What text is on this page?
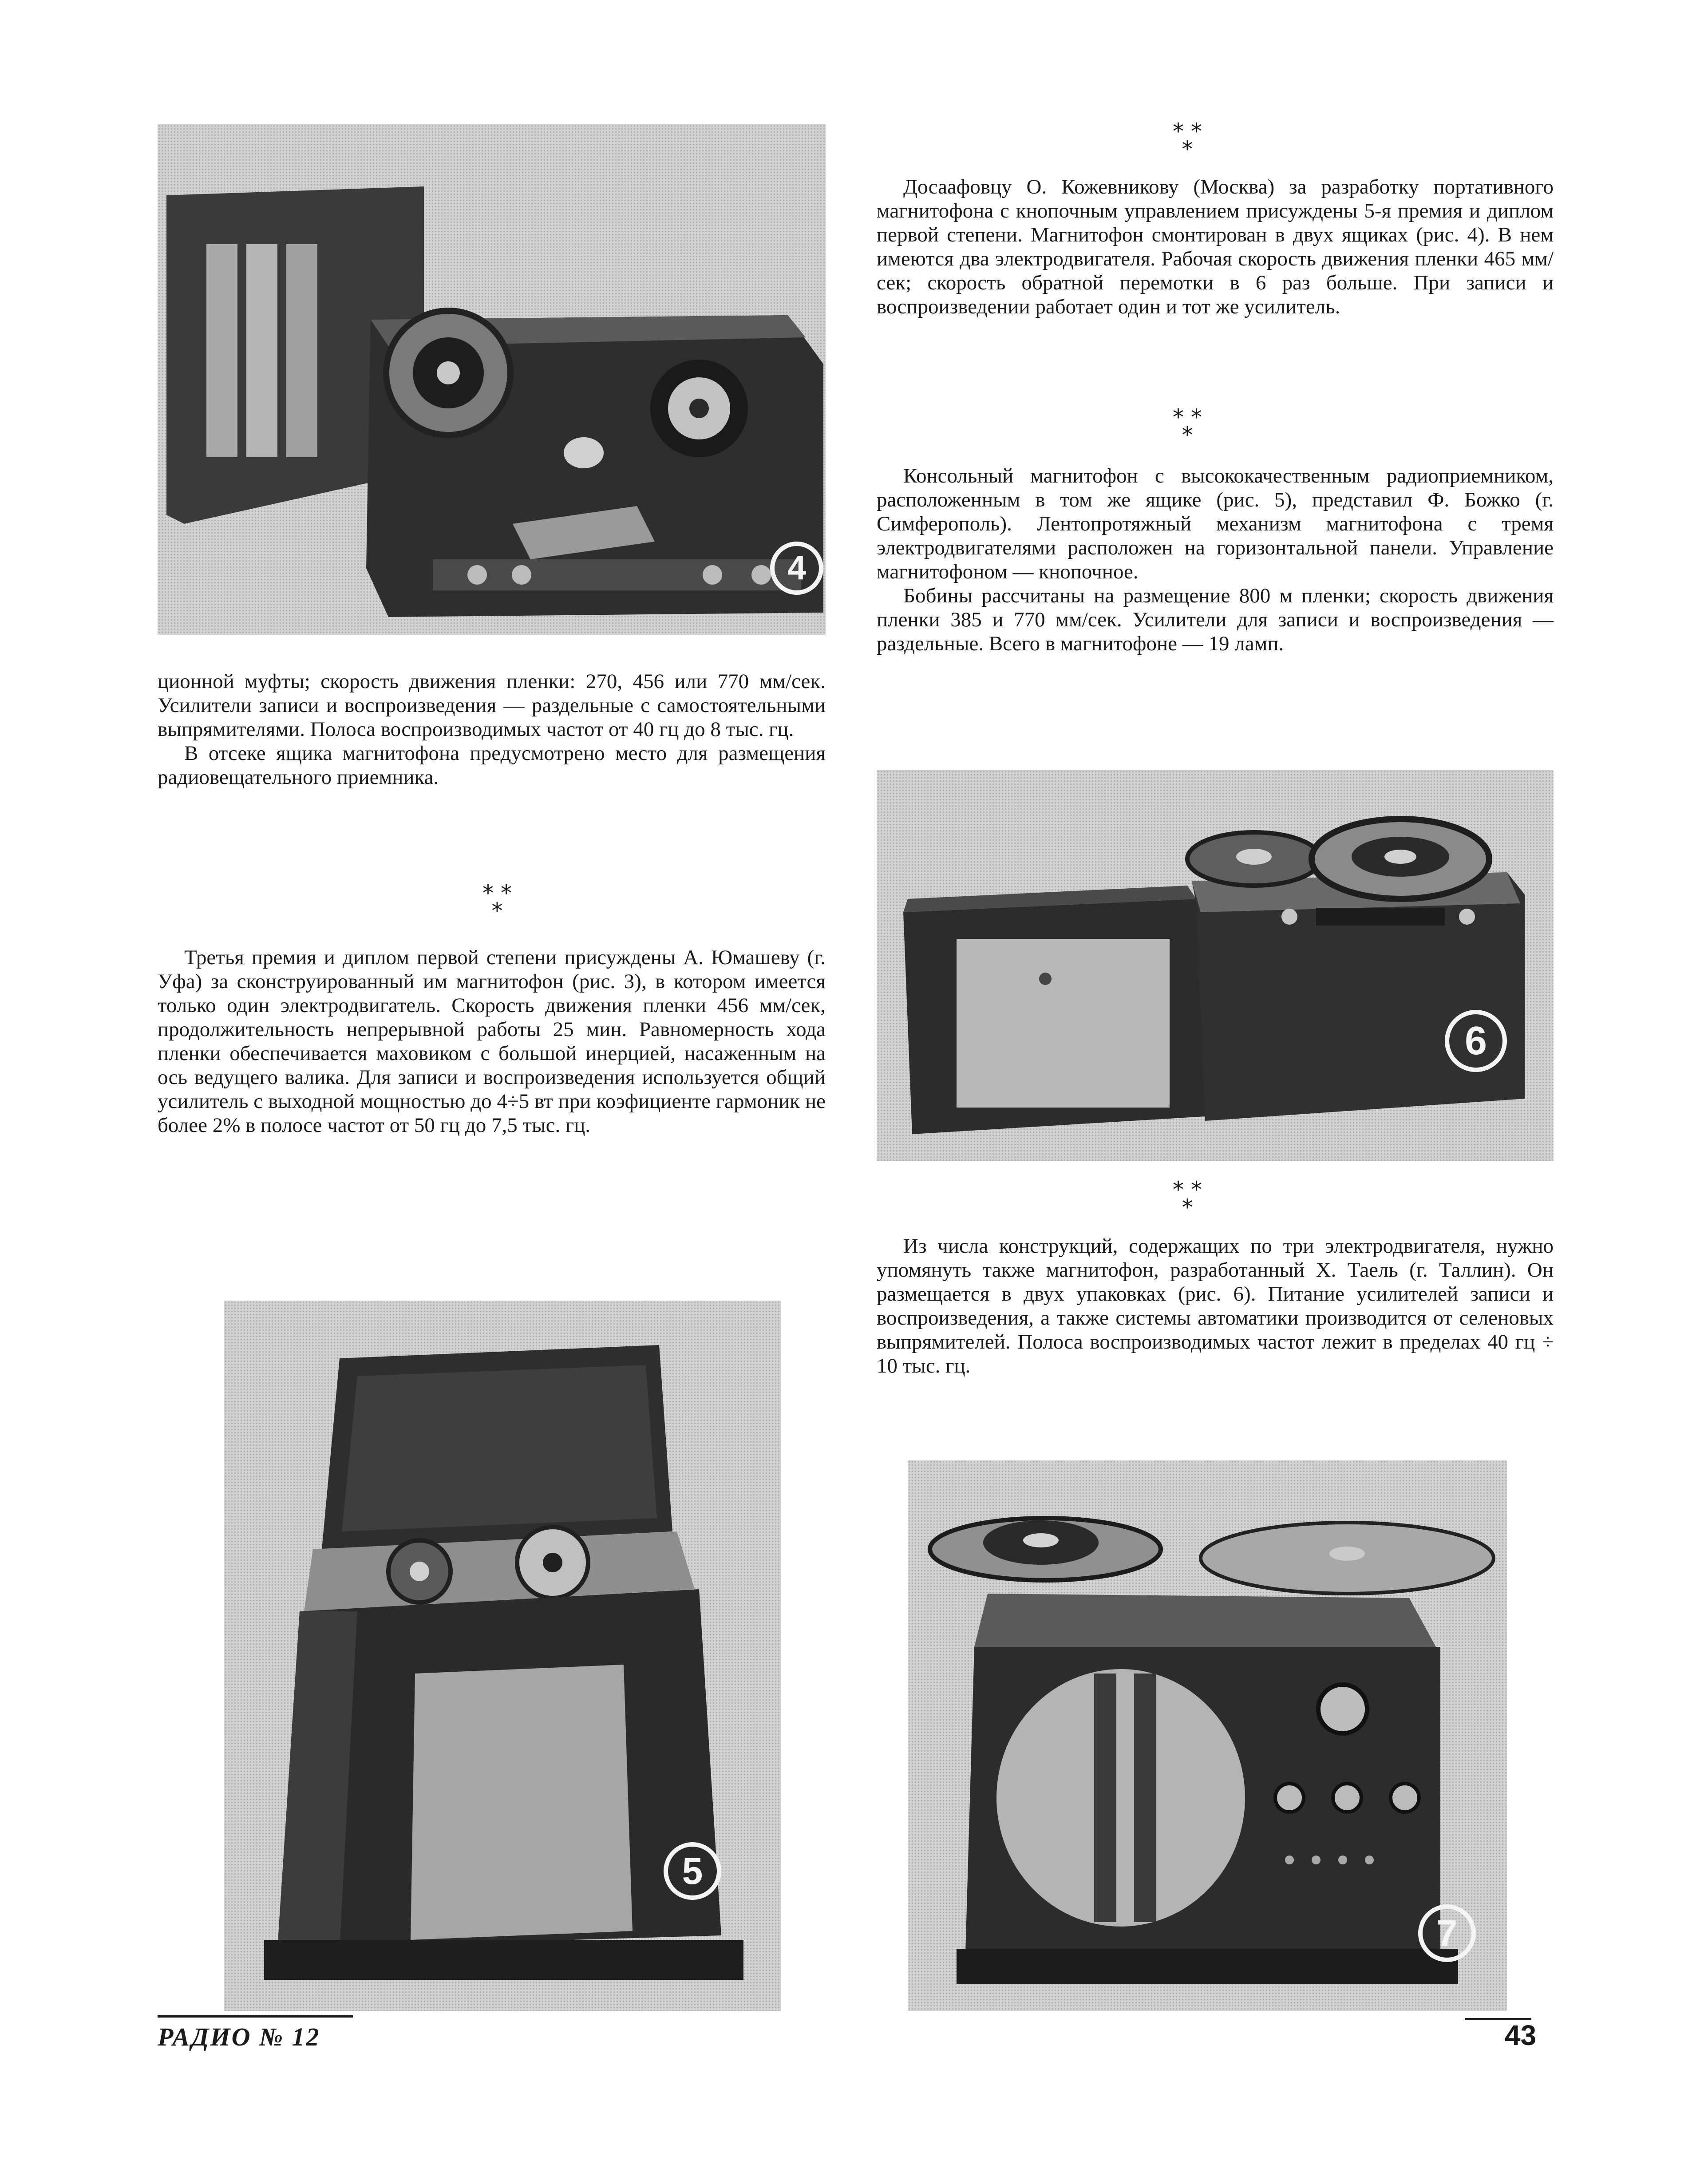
4

ционной муфты; скорость движения пленки: 270, 456 или 770 мм/сек. Усилители записи и воспроизведения — раздельные с самостоятельными выпрямителями. Полоса воспроизводимых частот от 40 гц до 8 тыс. гц.

В отсеке ящика магнитофона предусмотрено место для размещения радиовещательного приемника.

* *
*

Третья премия и диплом первой степени присуждены А. Юмашеву (г. Уфа) за сконструированный им магнитофон (рис. 3), в котором имеется только один электродвигатель. Скорость движения пленки 456 мм/сек, продолжительность непрерывной работы 25 мин. Равномерность хода пленки обеспечивается маховиком с большой инерцией, насаженным на ось ведущего валика. Для записи и воспроизведения используется общий усилитель с выходной мощностью до 4÷5 вт при коэфициенте гармоник не более 2% в полосе частот от 50 гц до 7,5 тыс. гц.

5
* *
*

Досаафовцу О. Кожевникову (Москва) за разработку портативного магнитофона с кнопочным управлением присуждены 5-я премия и диплом первой степени. Магнитофон смонтирован в двух ящиках (рис. 4). В нем имеются два электродвигателя. Рабочая скорость движения пленки 465 мм/сек; скорость обратной перемотки в 6 раз больше. При записи и воспроизведении работает один и тот же усилитель.

* *
*

Консольный магнитофон с высококачественным радиоприемником, расположенным в том же ящике (рис. 5), представил Ф. Божко (г. Симферополь). Лентопротяжный механизм магнитофона с тремя электродвигателями расположен на горизонтальной панели. Управление магнитофоном — кнопочное.

Бобины рассчитаны на размещение 800 м пленки; скорость движения пленки 385 и 770 мм/сек. Усилители для записи и воспроизведения — раздельные. Всего в магнитофоне — 19 ламп.

6
* *
*

Из числа конструкций, содержащих по три электродвигателя, нужно упомянуть также магнитофон, разработанный Х. Таель (г. Таллин). Он размещается в двух упаковках (рис. 6). Питание усилителей записи и воспроизведения, а также системы автоматики производится от селеновых выпрямителей. Полоса воспроизводимых частот лежит в пределах 40 гц ÷ 10 тыс. гц.

7
РАДИО № 12	43
